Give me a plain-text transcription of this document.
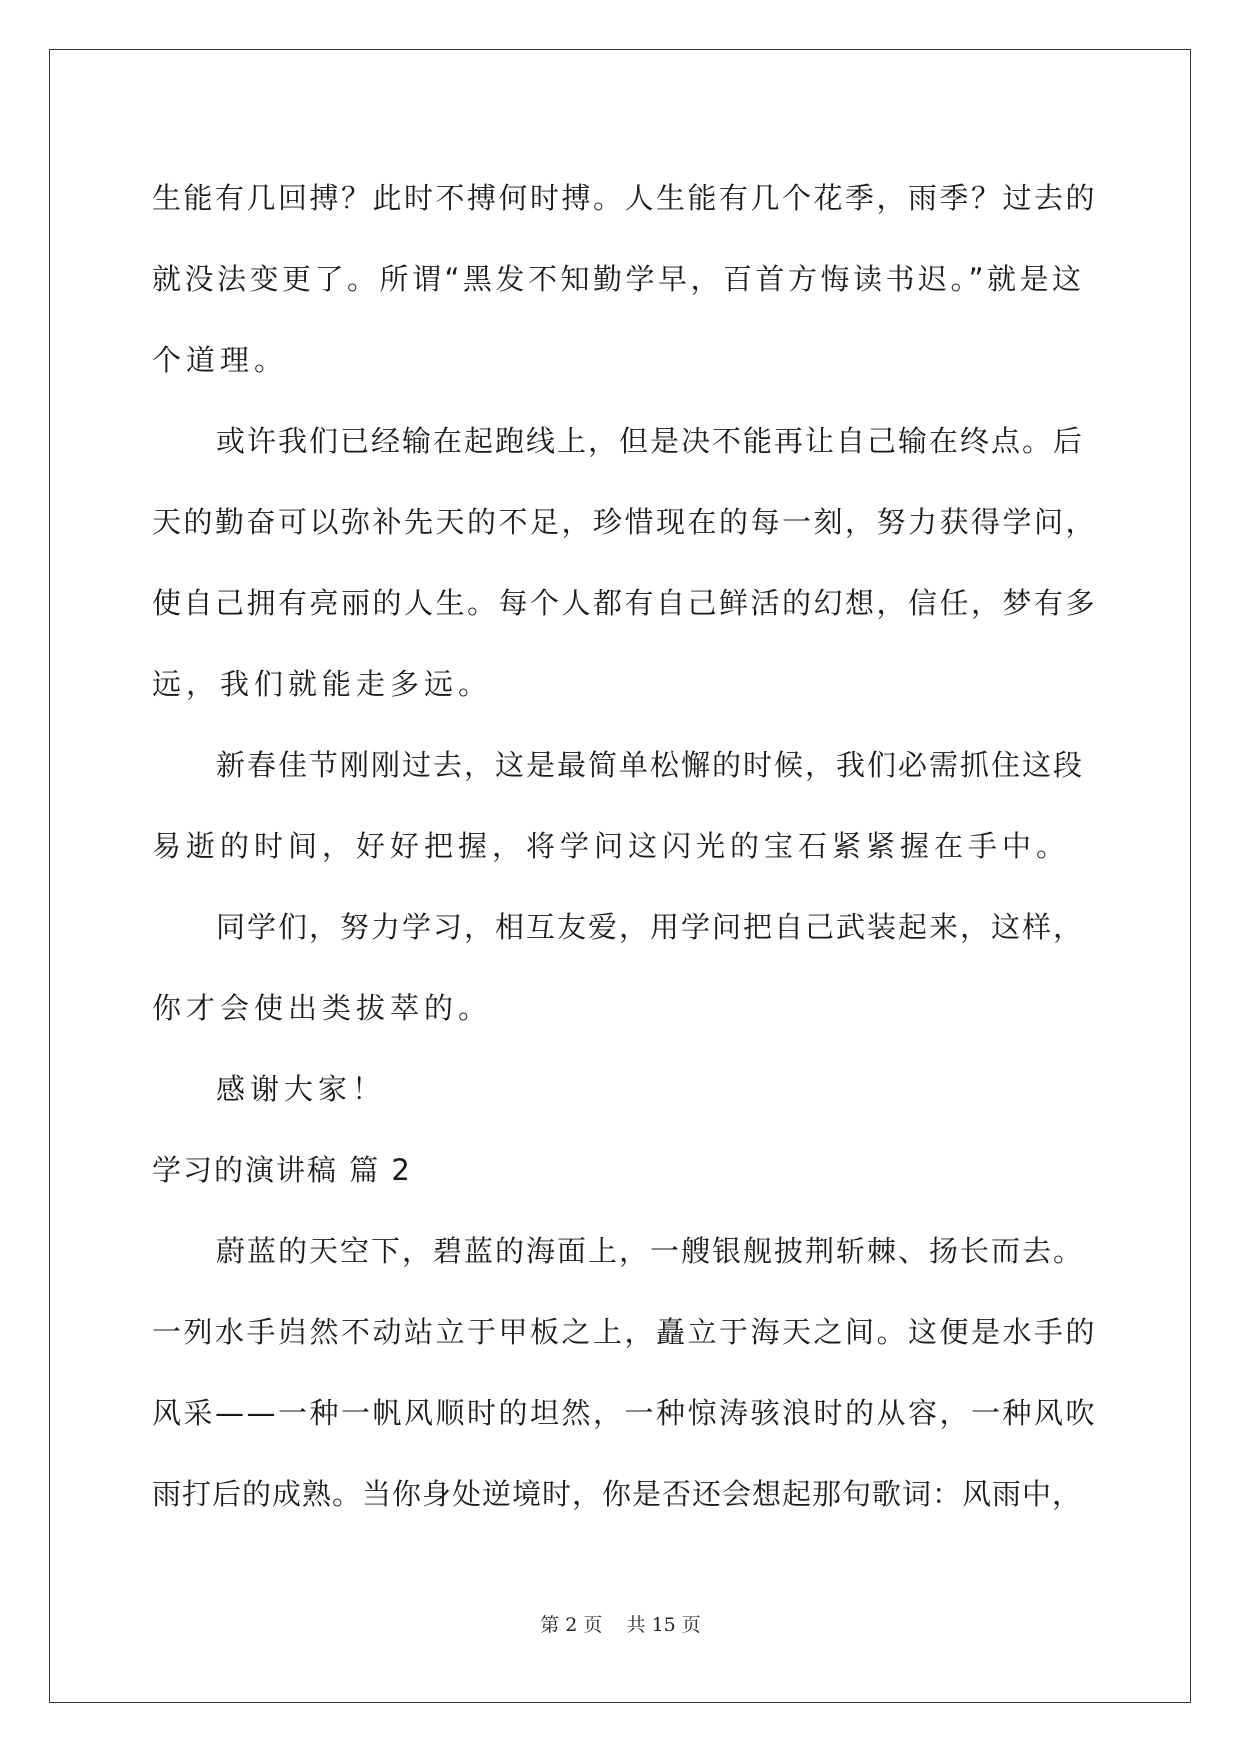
生能有几回搏？此时不搏何时搏。人生能有几个花季，雨季？过去的
就没法变更了。所谓“黑发不知勤学早，百首方悔读书迟。”就是这
个道理。
或许我们已经输在起跑线上，但是决不能再让自己输在终点。后
天的勤奋可以弥补先天的不足，珍惜现在的每一刻，努力获得学问，
使自己拥有亮丽的人生。每个人都有自己鲜活的幻想，信任，梦有多
远，我们就能走多远。
新春佳节刚刚过去，这是最简单松懈的时候，我们必需抓住这段
易逝的时间，好好把握，将学问这闪光的宝石紧紧握在手中。
同学们，努力学习，相互友爱，用学问把自己武装起来，这样，
你才会使出类拔萃的。
感谢大家！
学习的演讲稿 篇 2
蔚蓝的天空下，碧蓝的海面上，一艘银舰披荆斩棘、扬长而去。
一列水手岿然不动站立于甲板之上，矗立于海天之间。这便是水手的
风采——一种一帆风顺时的坦然，一种惊涛骇浪时的从容，一种风吹
雨打后的成熟。当你身处逆境时，你是否还会想起那句歌词：风雨中，
第 2 页 共 15 页
